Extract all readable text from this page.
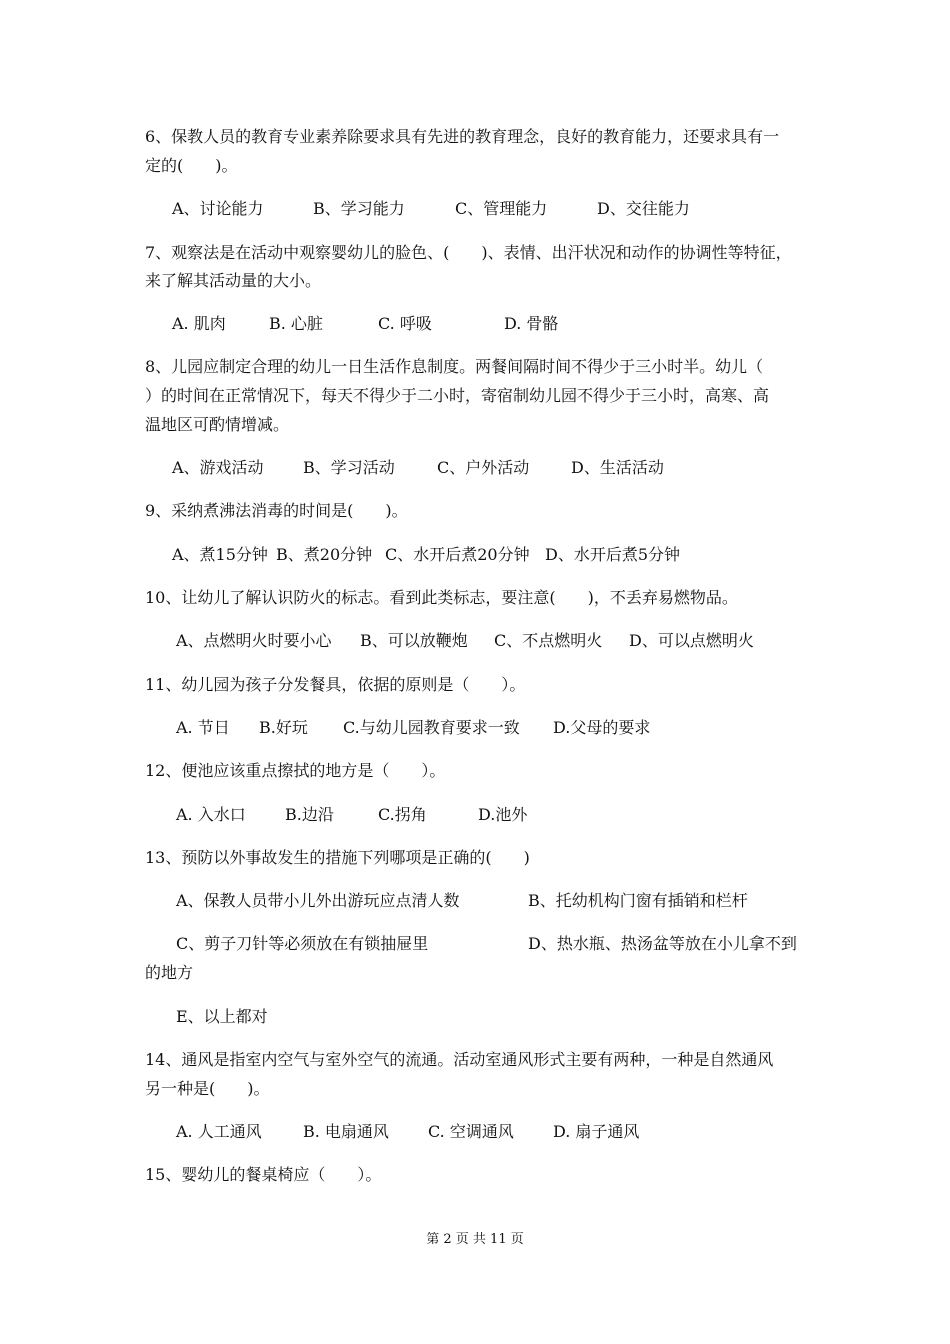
6、保教人员的教育专业素养除要求具有先进的教育理念，良好的教育能力，还要求具有一
定的(　　)。
A、讨论能力	B、学习能力	C、管理能力	D、交往能力
7、观察法是在活动中观察婴幼儿的脸色、(　　)、表情、出汗状况和动作的协调性等特征，
来了解其活动量的大小。
A. 肌肉	B. 心脏	C. 呼吸	D. 骨骼
8、儿园应制定合理的幼儿一日生活作息制度。两餐间隔时间不得少于三小时半。幼儿（
）的时间在正常情况下，每天不得少于二小时，寄宿制幼儿园不得少于三小时，高寒、高
温地区可酌情增减。
A、游戏活动 B、学习活动	C、户外活动	D、生活活动
9、采纳煮沸法消毒的时间是(　　)。
A、煮15分钟 B、煮20分钟 C、水开后煮20分钟 D、水开后煮5分钟
10、让幼儿了解认识防火的标志。看到此类标志，要注意(　　)，不丢弃易燃物品。
A、点燃明火时要小心 B、可以放鞭炮 C、不点燃明火 D、可以点燃明火
11、幼儿园为孩子分发餐具，依据的原则是（　　）。
A. 节日 B.好玩 C.与幼儿园教育要求一致 D.父母的要求
12、便池应该重点擦拭的地方是（　　）。
A. 入水口 B.边沿	C.拐角	D.池外
13、预防以外事故发生的措施下列哪项是正确的(　　)
A、保教人员带小儿外出游玩应点清人数	B、托幼机构门窗有插销和栏杆
C、剪子刀针等必须放在有锁抽屉里	D、热水瓶、热汤盆等放在小儿拿不到
的地方
E、以上都对
14、通风是指室内空气与室外空气的流通。活动室通风形式主要有两种，一种是自然通风
另一种是(　　)。
A. 人工通风	B. 电扇通风 C. 空调通风 D. 扇子通风
15、婴幼儿的餐桌椅应（　　）。
第 2 页 共 11 页
